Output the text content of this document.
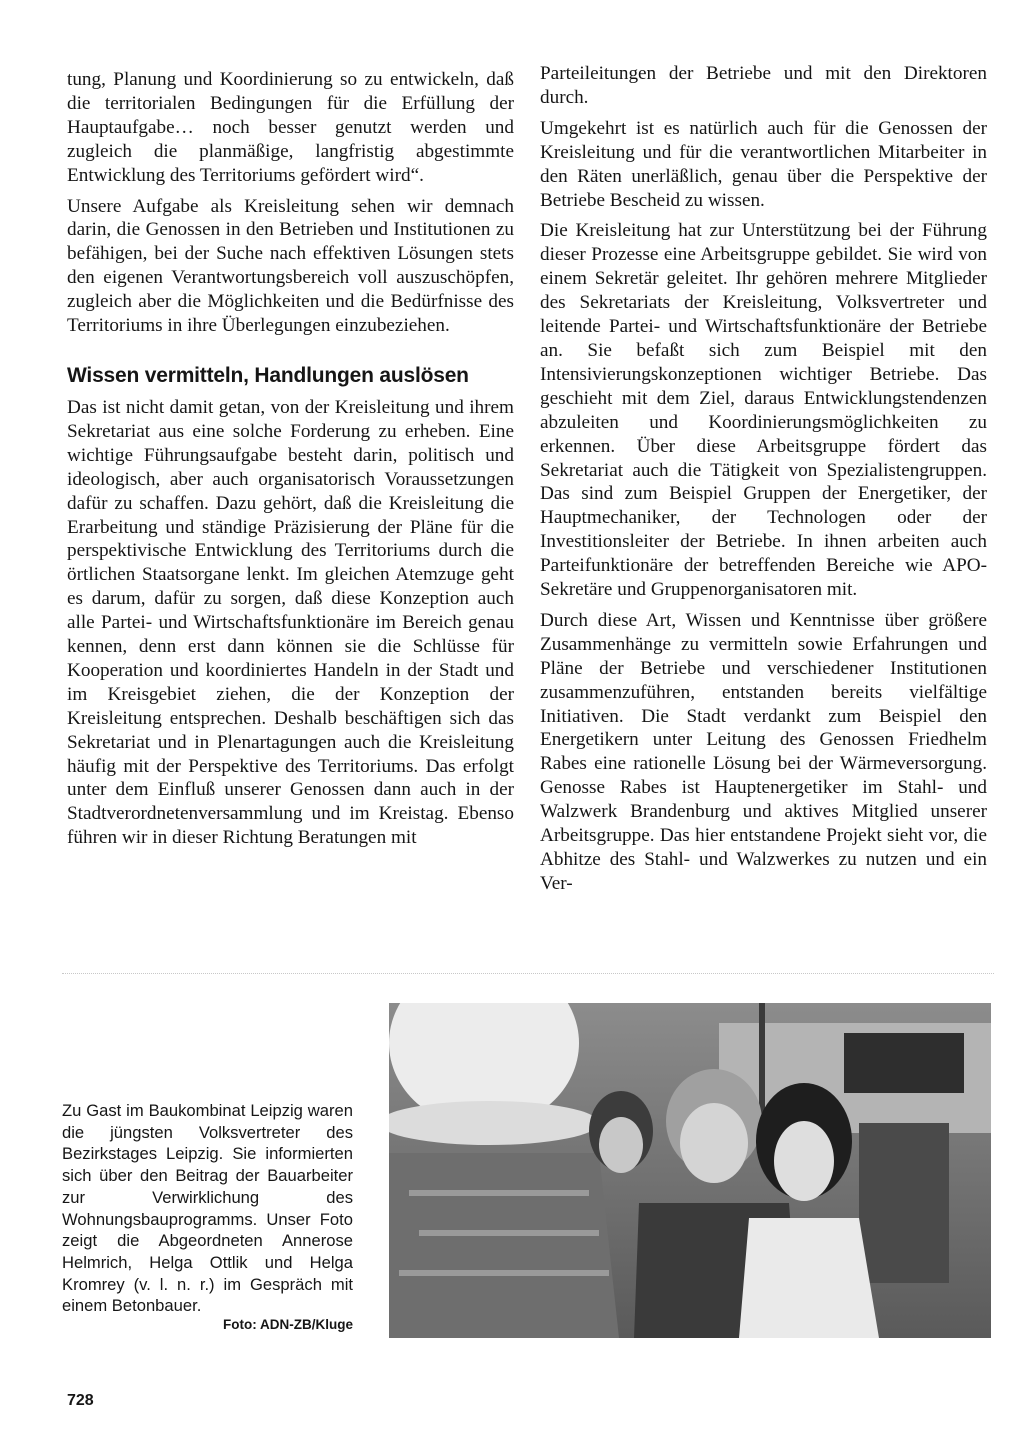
tung, Planung und Koordinierung so zu entwickeln, daß die territorialen Bedingungen für die Erfüllung der Hauptaufgabe… noch besser genutzt werden und zugleich die planmäßige, langfristig abgestimmte Entwicklung des Territoriums gefördert wird“.

Unsere Aufgabe als Kreisleitung sehen wir demnach darin, die Genossen in den Betrieben und Institutionen zu befähigen, bei der Suche nach effektiven Lösungen stets den eigenen Verantwortungsbereich voll auszuschöpfen, zugleich aber die Möglichkeiten und die Bedürfnisse des Territoriums in ihre Überlegungen einzubeziehen.

Wissen vermitteln, Handlungen auslösen

Das ist nicht damit getan, von der Kreisleitung und ihrem Sekretariat aus eine solche Forderung zu erheben. Eine wichtige Führungsaufgabe besteht darin, politisch und ideologisch, aber auch organisatorisch Voraussetzungen dafür zu schaffen. Dazu gehört, daß die Kreisleitung die Erarbeitung und ständige Präzisierung der Pläne für die perspektivische Entwicklung des Territoriums durch die örtlichen Staatsorgane lenkt. Im gleichen Atemzuge geht es darum, dafür zu sorgen, daß diese Konzeption auch alle Partei- und Wirtschaftsfunktionäre im Bereich genau kennen, denn erst dann können sie die Schlüsse für Kooperation und koordiniertes Handeln in der Stadt und im Kreisgebiet ziehen, die der Konzeption der Kreisleitung entsprechen. Deshalb beschäftigen sich das Sekretariat und in Plenartagungen auch die Kreisleitung häufig mit der Perspektive des Territoriums. Das erfolgt unter dem Einfluß unserer Genossen dann auch in der Stadtverordnetenversammlung und im Kreistag. Ebenso führen wir in dieser Richtung Beratungen mit

Parteileitungen der Betriebe und mit den Direktoren durch.

Umgekehrt ist es natürlich auch für die Genossen der Kreisleitung und für die verantwortlichen Mitarbeiter in den Räten unerläßlich, genau über die Perspektive der Betriebe Bescheid zu wissen.

Die Kreisleitung hat zur Unterstützung bei der Führung dieser Prozesse eine Arbeitsgruppe gebildet. Sie wird von einem Sekretär geleitet. Ihr gehören mehrere Mitglieder des Sekretariats der Kreisleitung, Volksvertreter und leitende Partei- und Wirtschaftsfunktionäre der Betriebe an. Sie befaßt sich zum Beispiel mit den Intensivierungskonzeptionen wichtiger Betriebe. Das geschieht mit dem Ziel, daraus Entwicklungstendenzen abzuleiten und Koordinierungsmöglichkeiten zu erkennen. Über diese Arbeitsgruppe fördert das Sekretariat auch die Tätigkeit von Spezialistengruppen. Das sind zum Beispiel Gruppen der Energetiker, der Hauptmechaniker, der Technologen oder der Investitionsleiter der Betriebe. In ihnen arbeiten auch Parteifunktionäre der betreffenden Bereiche wie APO-Sekretäre und Gruppenorganisatoren mit.

Durch diese Art, Wissen und Kenntnisse über größere Zusammenhänge zu vermitteln sowie Erfahrungen und Pläne der Betriebe und verschiedener Institutionen zusammenzuführen, entstanden bereits vielfältige Initiativen. Die Stadt verdankt zum Beispiel den Energetikern unter Leitung des Genossen Friedhelm Rabes eine rationelle Lösung bei der Wärmeversorgung. Genosse Rabes ist Hauptenergetiker im Stahl- und Walzwerk Brandenburg und aktives Mitglied unserer Arbeitsgruppe. Das hier entstandene Projekt sieht vor, die Abhitze des Stahl- und Walzwerkes zu nutzen und ein Ver-

Zu Gast im Baukombinat Leipzig waren die jüngsten Volksvertreter des Bezirkstages Leipzig. Sie informierten sich über den Beitrag der Bauarbeiter zur Verwirklichung des Wohnungsbauprogramms. Unser Foto zeigt die Abgeordneten Annerose Helmrich, Helga Ottlik und Helga Kromrey (v. l. n. r.) im Gespräch mit einem Betonbauer.
Foto: ADN-ZB/Kluge
728
